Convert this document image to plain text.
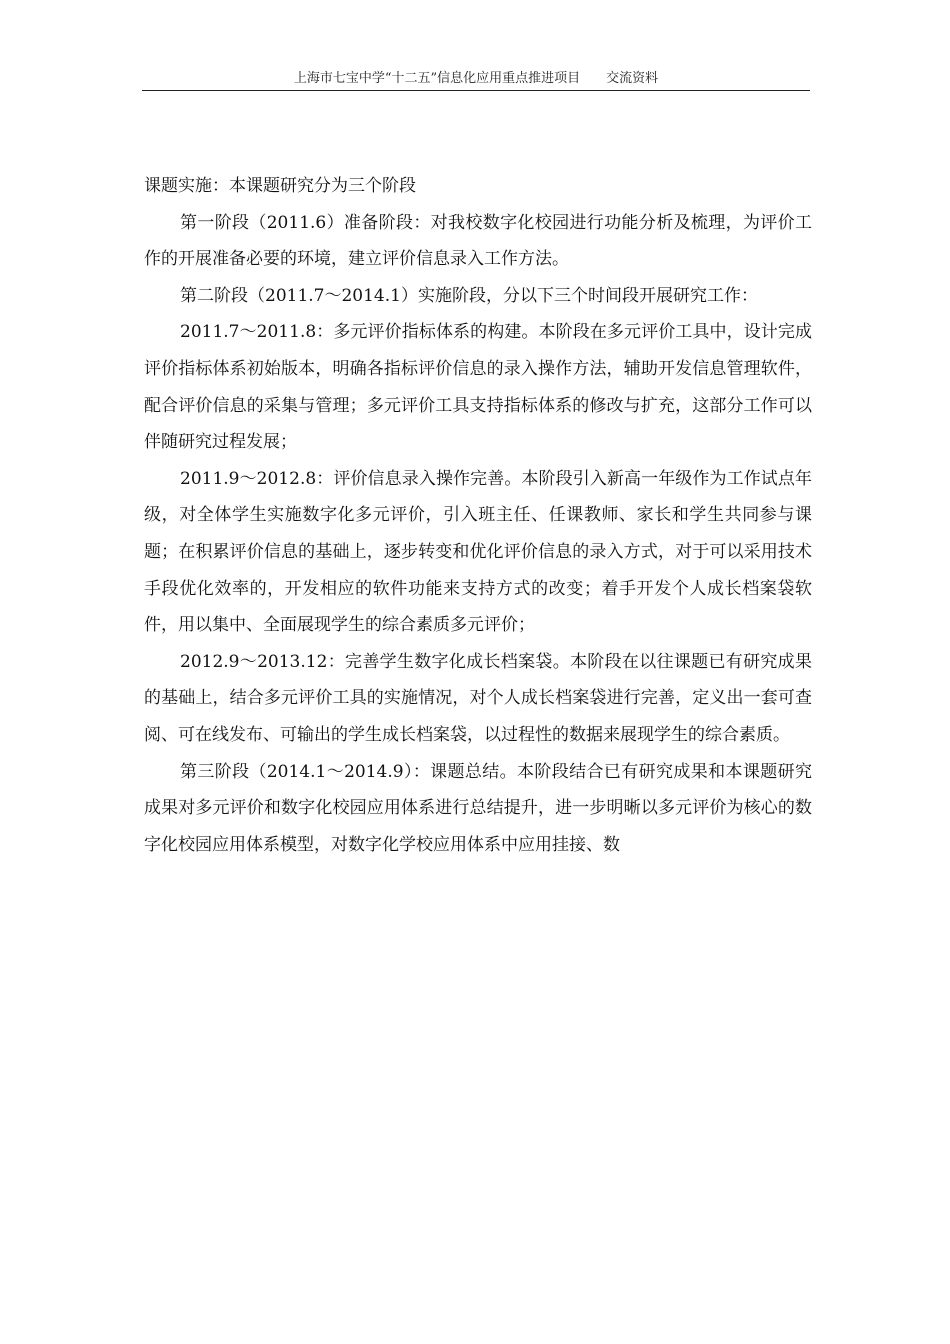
上海市七宝中学“十二五”信息化应用重点推进项目 交流资料

课题实施：本课题研究分为三个阶段

第一阶段（2011.6）准备阶段：对我校数字化校园进行功能分析及梳理，为评价工作的开展准备必要的环境，建立评价信息录入工作方法。

第二阶段（2011.7～2014.1）实施阶段，分以下三个时间段开展研究工作：

2011.7～2011.8：多元评价指标体系的构建。本阶段在多元评价工具中，设计完成评价指标体系初始版本，明确各指标评价信息的录入操作方法，辅助开发信息管理软件，配合评价信息的采集与管理；多元评价工具支持指标体系的修改与扩充，这部分工作可以伴随研究过程发展；

2011.9～2012.8：评价信息录入操作完善。本阶段引入新高一年级作为工作试点年级，对全体学生实施数字化多元评价，引入班主任、任课教师、家长和学生共同参与课题；在积累评价信息的基础上，逐步转变和优化评价信息的录入方式，对于可以采用技术手段优化效率的，开发相应的软件功能来支持方式的改变；着手开发个人成长档案袋软件，用以集中、全面展现学生的综合素质多元评价；

2012.9～2013.12：完善学生数字化成长档案袋。本阶段在以往课题已有研究成果的基础上，结合多元评价工具的实施情况，对个人成长档案袋进行完善，定义出一套可查阅、可在线发布、可输出的学生成长档案袋，以过程性的数据来展现学生的综合素质。

第三阶段（2014.1～2014.9）：课题总结。本阶段结合已有研究成果和本课题研究成果对多元评价和数字化校园应用体系进行总结提升，进一步明晰以多元评价为核心的数字化校园应用体系模型，对数字化学校应用体系中应用挂接、数
